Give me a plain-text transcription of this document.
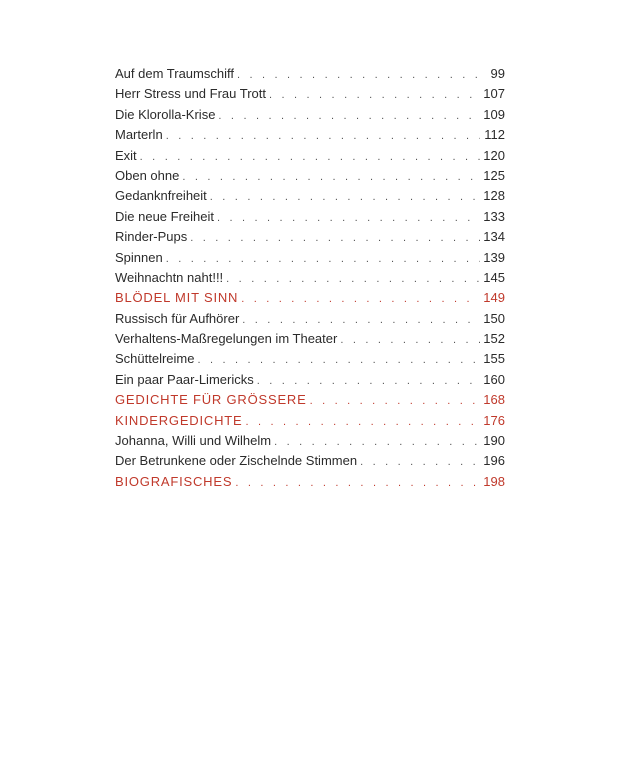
Auf dem Traumschiff . . .	99
Herr Stress und Frau Trott . . .	107
Die Klorolla-Krise . . .	109
Marterln . . .	112
Exit . . .	120
Oben ohne . . .	125
Gedanknfreiheit . . .	128
Die neue Freiheit . . .	133
Rinder-Pups . . .	134
Spinnen . . .	139
Weihnachtn naht!!! . . .	145
BLÖDEL MIT SINN . . .	149
Russisch für Aufhörer . . .	150
Verhaltens-Maßregelungen im Theater . . .	152
Schüttelreime . . .	155
Ein paar Paar-Limericks . . .	160
GEDICHTE FÜR GRÖSSERE . . .	168
KINDERGEDICHTE . . .	176
Johanna, Willi und Wilhelm . . .	190
Der Betrunkene oder Zischelnde Stimmen . . .	196
BIOGRAFISCHES . . .	198
